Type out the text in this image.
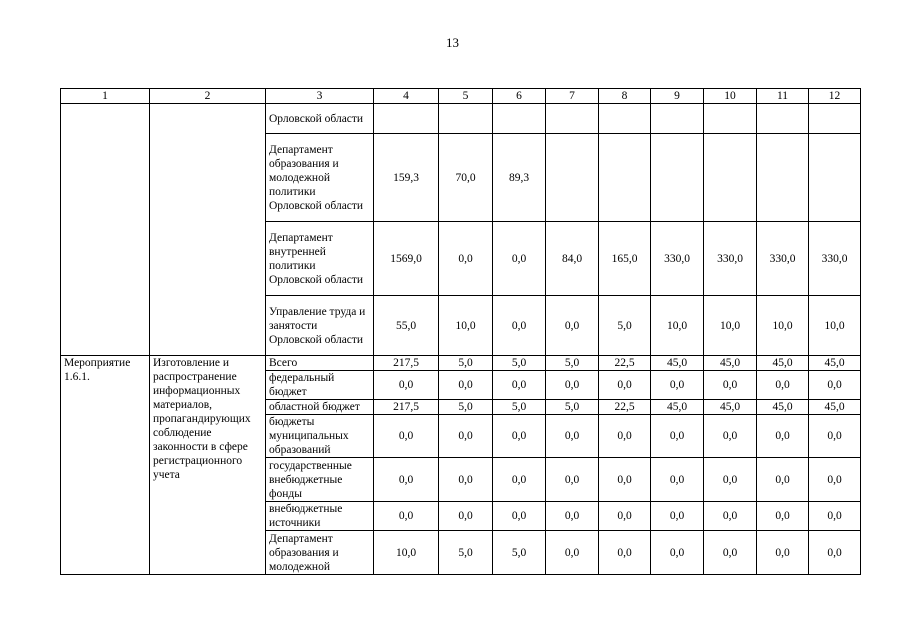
13
1	2	3	4	5	6	7	8	9	10	11	12
		Орловской области									
		Департамент образования и молодежной политики Орловской области	159,3	70,0	89,3						
		Департамент внутренней политики Орловской области	1569,0	0,0	0,0	84,0	165,0	330,0	330,0	330,0	330,0
		Управление труда и занятости Орловской области	55,0	10,0	0,0	0,0	5,0	10,0	10,0	10,0	10,0
Мероприятие 1.6.1.	Изготовление и распространение информационных материалов, пропагандирующих соблюдение законности в сфере регистрационного учета	Всего	217,5	5,0	5,0	5,0	22,5	45,0	45,0	45,0	45,0
		федеральный бюджет	0,0	0,0	0,0	0,0	0,0	0,0	0,0	0,0	0,0
		областной бюджет	217,5	5,0	5,0	5,0	22,5	45,0	45,0	45,0	45,0
		бюджеты муниципальных образований	0,0	0,0	0,0	0,0	0,0	0,0	0,0	0,0	0,0
		государственные внебюджетные фонды	0,0	0,0	0,0	0,0	0,0	0,0	0,0	0,0	0,0
		внебюджетные источники	0,0	0,0	0,0	0,0	0,0	0,0	0,0	0,0	0,0
		Департамент образования и молодежной	10,0	5,0	5,0	0,0	0,0	0,0	0,0	0,0	0,0
